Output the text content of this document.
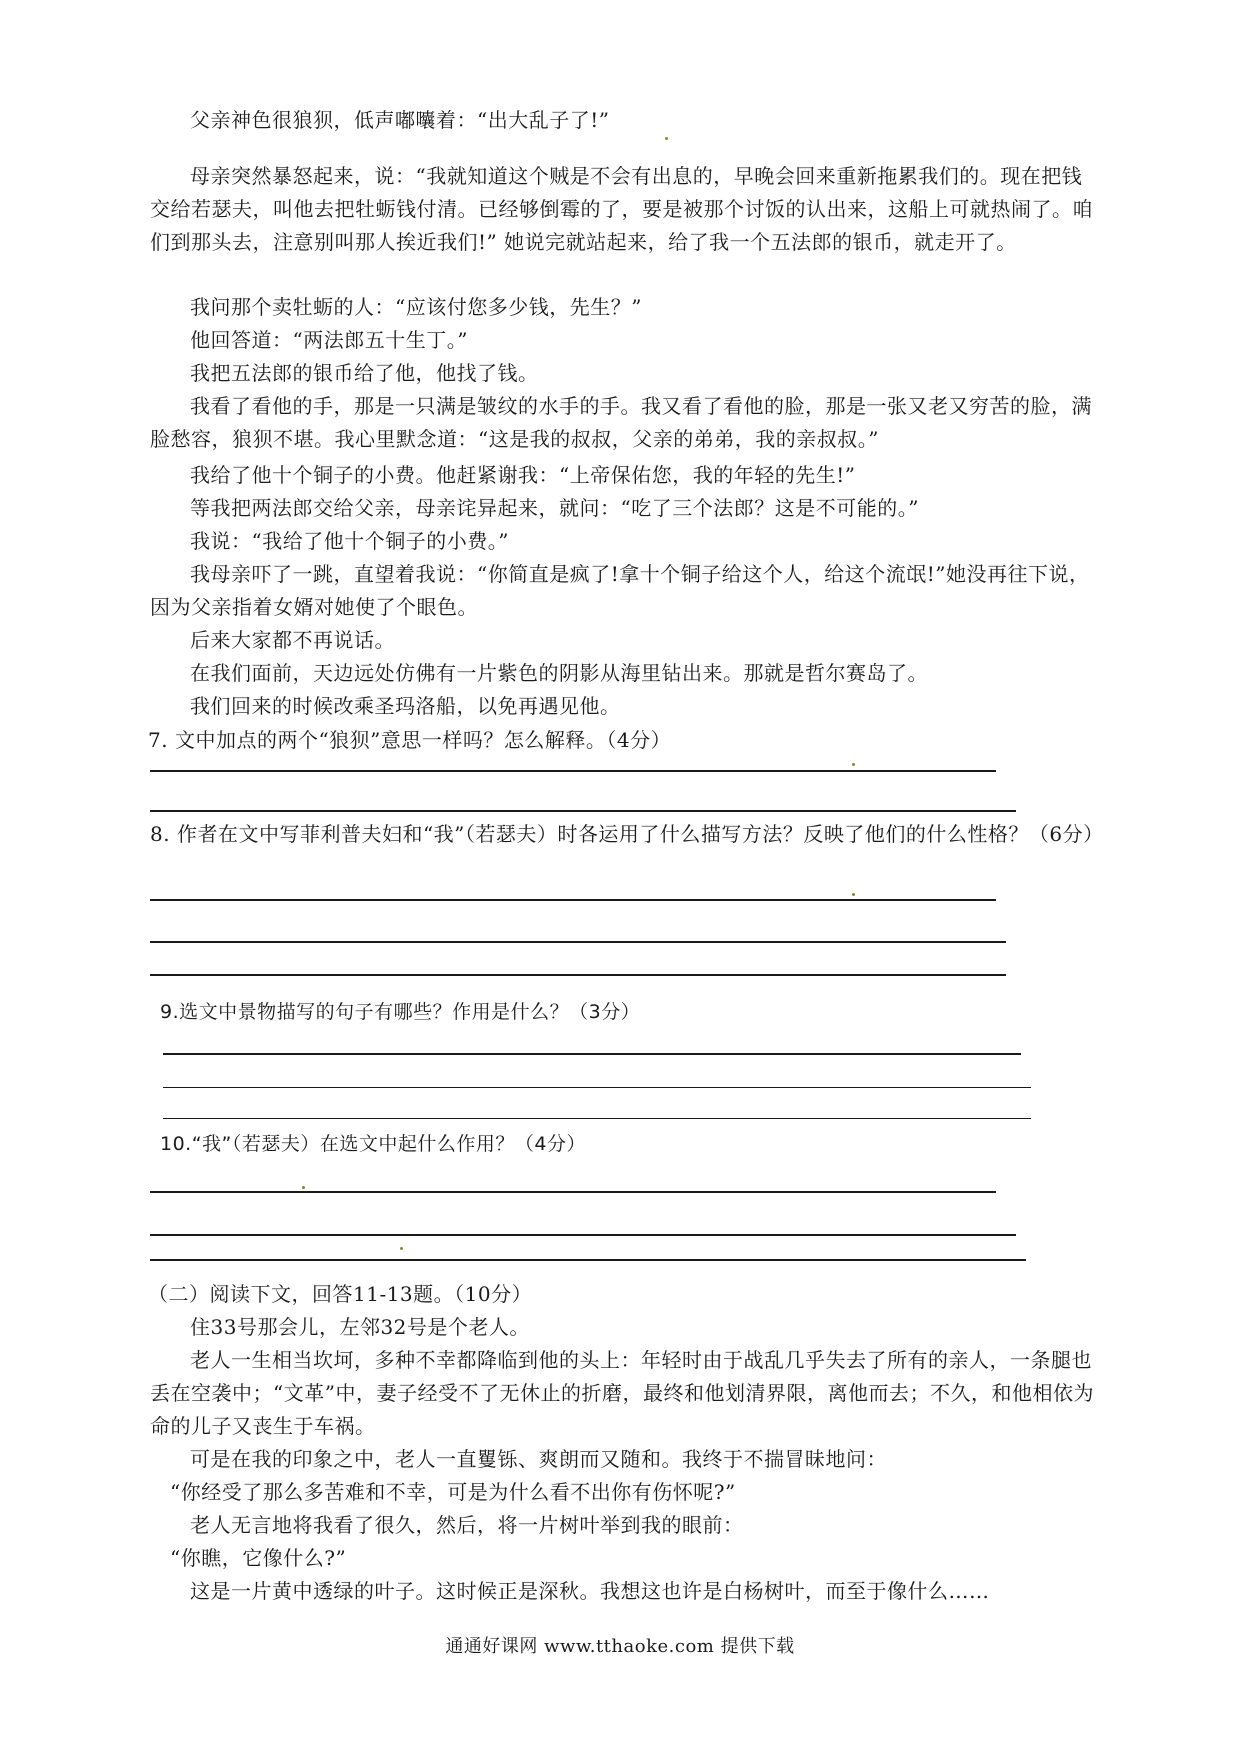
父亲神色很狼狈，低声嘟囔着：“出大乱子了!”

母亲突然暴怒起来，说：“我就知道这个贼是不会有出息的，早晚会回来重新拖累我们的。现在把钱交给若瑟夫，叫他去把牡蛎钱付清。已经够倒霉的了，要是被那个讨饭的认出来，这船上可就热闹了。咱们到那头去，注意别叫那人挨近我们!” 她说完就站起来，给了我一个五法郎的银币，就走开了。

我问那个卖牡蛎的人：“应该付您多少钱，先生？”

他回答道：“两法郎五十生丁。”

我把五法郎的银币给了他，他找了钱。

我看了看他的手，那是一只满是皱纹的水手的手。我又看了看他的脸，那是一张又老又穷苦的脸，满脸愁容，狼狈不堪。我心里默念道：“这是我的叔叔，父亲的弟弟，我的亲叔叔。”

我给了他十个铜子的小费。他赶紧谢我：“上帝保佑您，我的年轻的先生!”

等我把两法郎交给父亲，母亲诧异起来，就问：“吃了三个法郎？这是不可能的。”

我说：“我给了他十个铜子的小费。”

我母亲吓了一跳，直望着我说：“你简直是疯了!拿十个铜子给这个人，给这个流氓!”她没再往下说，因为父亲指着女婿对她使了个眼色。

后来大家都不再说话。

在我们面前，天边远处仿佛有一片紫色的阴影从海里钻出来。那就是哲尔赛岛了。

我们回来的时候改乘圣玛洛船，以免再遇见他。

7. 文中加点的两个“狼狈”意思一样吗？怎么解释。（4分）

8. 作者在文中写菲利普夫妇和“我”（若瑟夫）时各运用了什么描写方法？反映了他们的什么性格？（6分）

9.选文中景物描写的句子有哪些？作用是什么？（3分）

10.“我”（若瑟夫）在选文中起什么作用？（4分）

（二）阅读下文，回答11-13题。（10分）

住33号那会儿，左邻32号是个老人。

老人一生相当坎坷，多种不幸都降临到他的头上：年轻时由于战乱几乎失去了所有的亲人，一条腿也丢在空袭中；“文革”中，妻子经受不了无休止的折磨，最终和他划清界限，离他而去；不久，和他相依为命的儿子又丧生于车祸。

可是在我的印象之中，老人一直矍铄、爽朗而又随和。我终于不揣冒昧地问：

“你经受了那么多苦难和不幸，可是为什么看不出你有伤怀呢?”

老人无言地将我看了很久，然后，将一片树叶举到我的眼前：

“你瞧，它像什么?”

这是一片黄中透绿的叶子。这时候正是深秋。我想这也许是白杨树叶，而至于像什么……

通通好课网 www.tthaoke.com 提供下载
